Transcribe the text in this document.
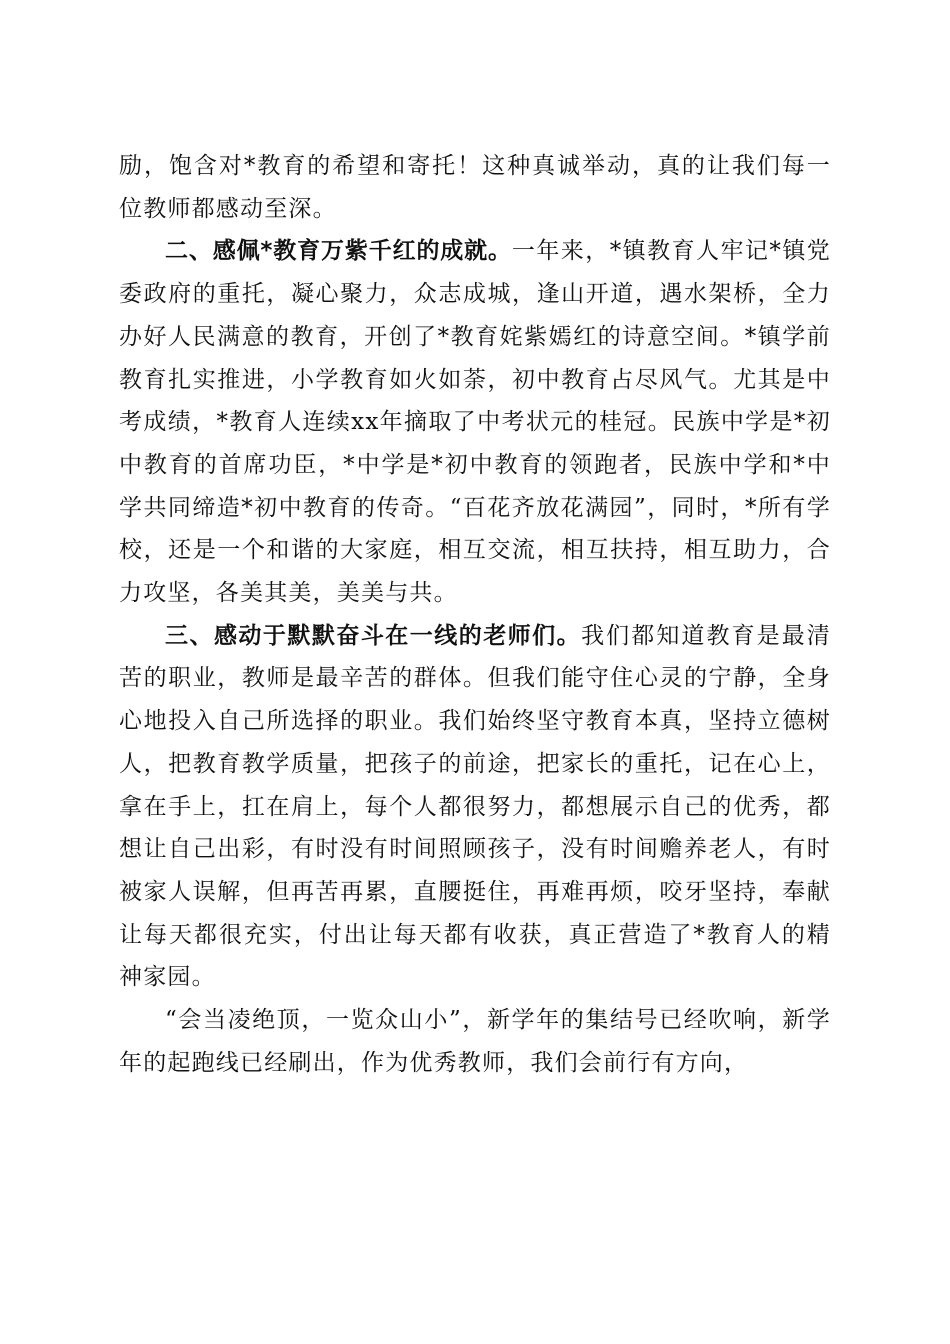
励，饱含对*教育的希望和寄托！这种真诚举动，真的让我们每一位教师都感动至深。

二、感佩*教育万紫千红的成就。一年来，*镇教育人牢记*镇党委政府的重托，凝心聚力，众志成城，逢山开道，遇水架桥，全力办好人民满意的教育，开创了*教育姹紫嫣红的诗意空间。*镇学前教育扎实推进，小学教育如火如荼，初中教育占尽风气。尤其是中考成绩，*教育人连续xx年摘取了中考状元的桂冠。民族中学是*初中教育的首席功臣，*中学是*初中教育的领跑者，民族中学和*中学共同缔造*初中教育的传奇。“百花齐放花满园”，同时，*所有学校，还是一个和谐的大家庭，相互交流，相互扶持，相互助力，合力攻坚，各美其美，美美与共。

三、感动于默默奋斗在一线的老师们。我们都知道教育是最清苦的职业，教师是最辛苦的群体。但我们能守住心灵的宁静，全身心地投入自己所选择的职业。我们始终坚守教育本真，坚持立德树人，把教育教学质量，把孩子的前途，把家长的重托，记在心上，拿在手上，扛在肩上，每个人都很努力，都想展示自己的优秀，都想让自己出彩，有时没有时间照顾孩子，没有时间赡养老人，有时被家人误解，但再苦再累，直腰挺住，再难再烦，咬牙坚持，奉献让每天都很充实，付出让每天都有收获，真正营造了*教育人的精神家园。

“会当凌绝顶，一览众山小”，新学年的集结号已经吹响，新学年的起跑线已经刷出，作为优秀教师，我们会前行有方向，
